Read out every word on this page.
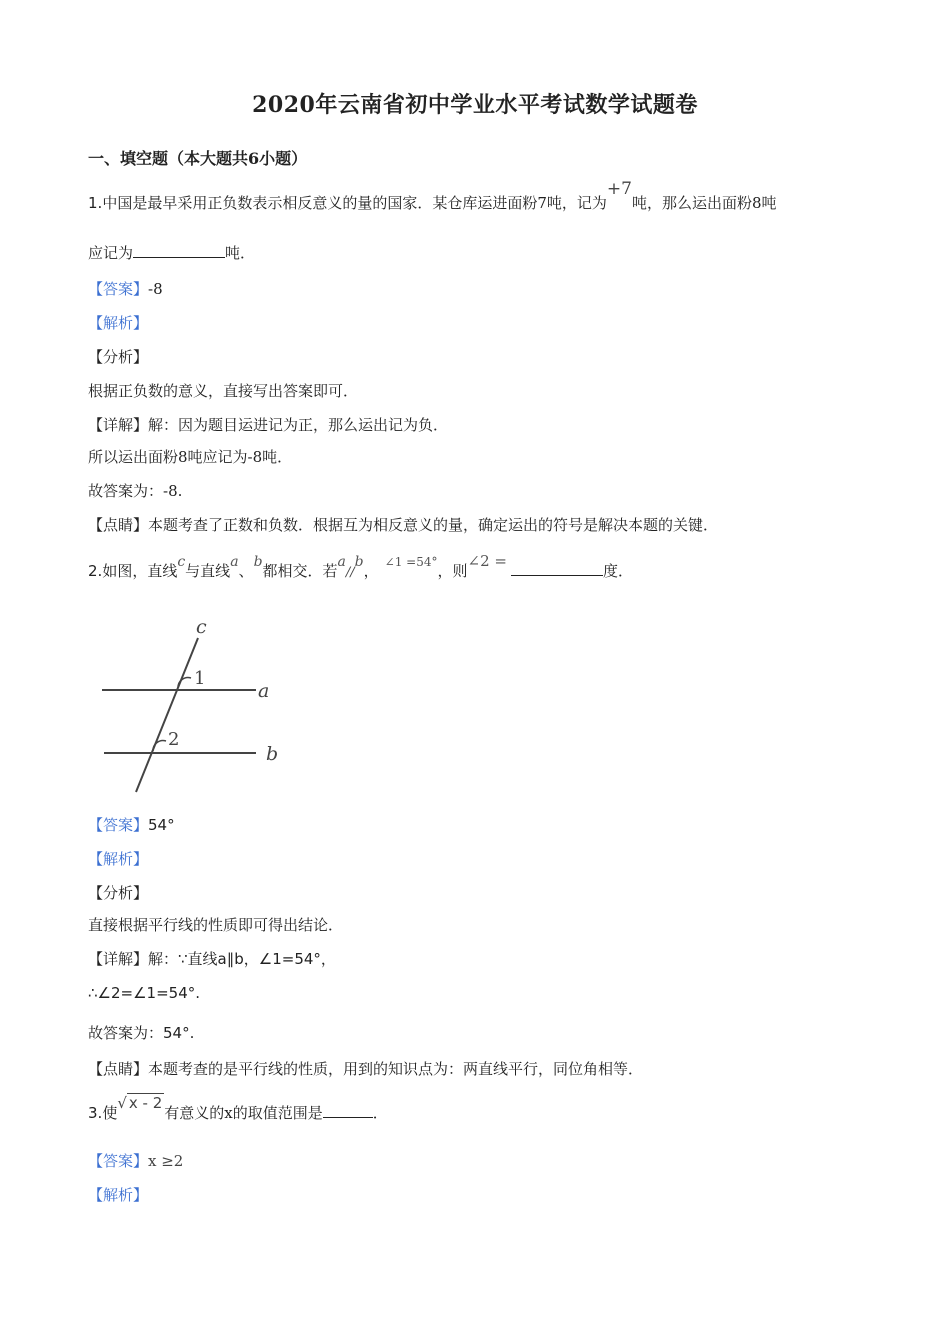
2020年云南省初中学业水平考试数学试题卷
一、填空题（本大题共6小题）
1.中国是最早采用正负数表示相反意义的量的国家．某仓库运进面粉7吨，记为+7吨，那么运出面粉8吨
应记为	吨．
【答案】-8
【解析】
【分析】
根据正负数的意义，直接写出答案即可．
【详解】解：因为题目运进记为正，那么运出记为负．
所以运出面粉8吨应记为-8吨．
故答案为：-8.
【点睛】本题考查了正数和负数．根据互为相反意义的量，确定运出的符号是解决本题的关键．
2.如图，直线c与直线a、b都相交．若a//b， $^{\angle 1 =54^\circ}$，则∠2 =度．
c
a
b
1
2
【答案】54°
【解析】
【分析】
直接根据平行线的性质即可得出结论．
【详解】解：∵直线a∥b，∠1=54°，
∴∠2=∠1=54°.
故答案为：54°.
【点睛】本题考查的是平行线的性质，用到的知识点为：两直线平行，同位角相等．
3.使√ x - 2有意义的x的取值范围是	．
【答案】x ≥2
【解析】
